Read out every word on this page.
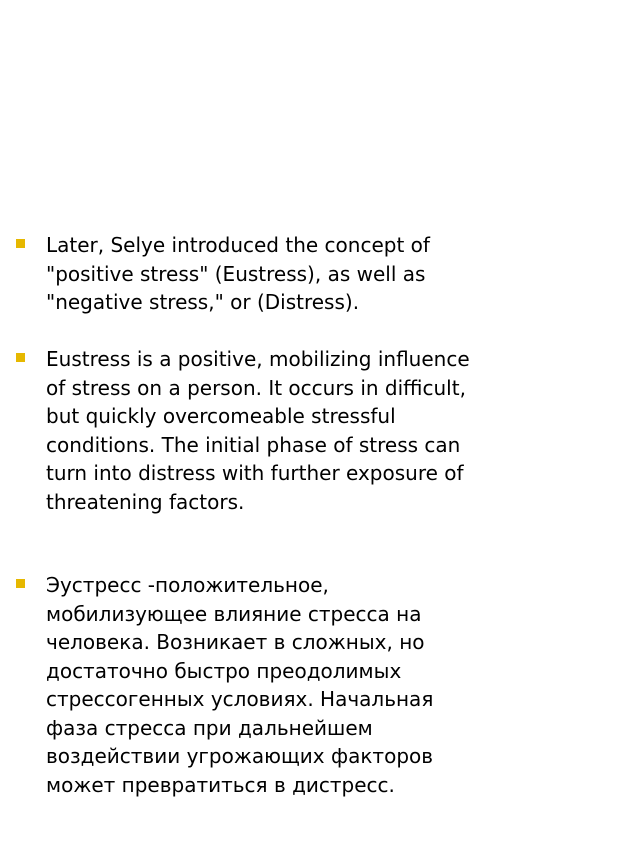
Later, Selye introduced the concept of
"positive stress" (Eustress), as well as
"negative stress," or (Distress).
Eustress is a positive, mobilizing influence
of stress on a person. It occurs in difficult,
but quickly overcomeable stressful
conditions. The initial phase of stress can
turn into distress with further exposure of
threatening factors.
Эустресс -положительное,
мобилизующее влияние стресса на
человека. Возникает в сложных, но
достаточно быстро преодолимых
стрессогенных условиях. Начальная
фаза стресса при дальнейшем
воздействии угрожающих факторов
может превратиться в дистресс.
